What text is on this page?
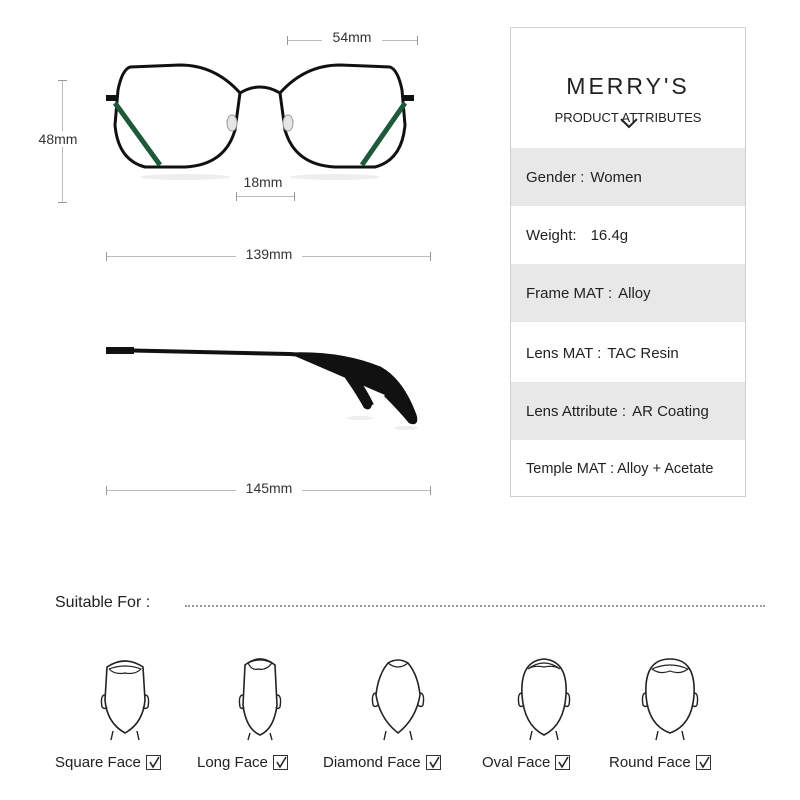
54mm
48mm
18mm
139mm
145mm
MERRY'S
PRODUCT ATTRIBUTES
Gender : Women
Weight: 16.4g
Frame MAT : Alloy
Lens MAT : TAC Resin
Lens Attribute : AR Coating
Temple MAT : Alloy + Acetate
Suitable For :
Square Face	Long Face	Diamond Face	Oval Face	Round Face
